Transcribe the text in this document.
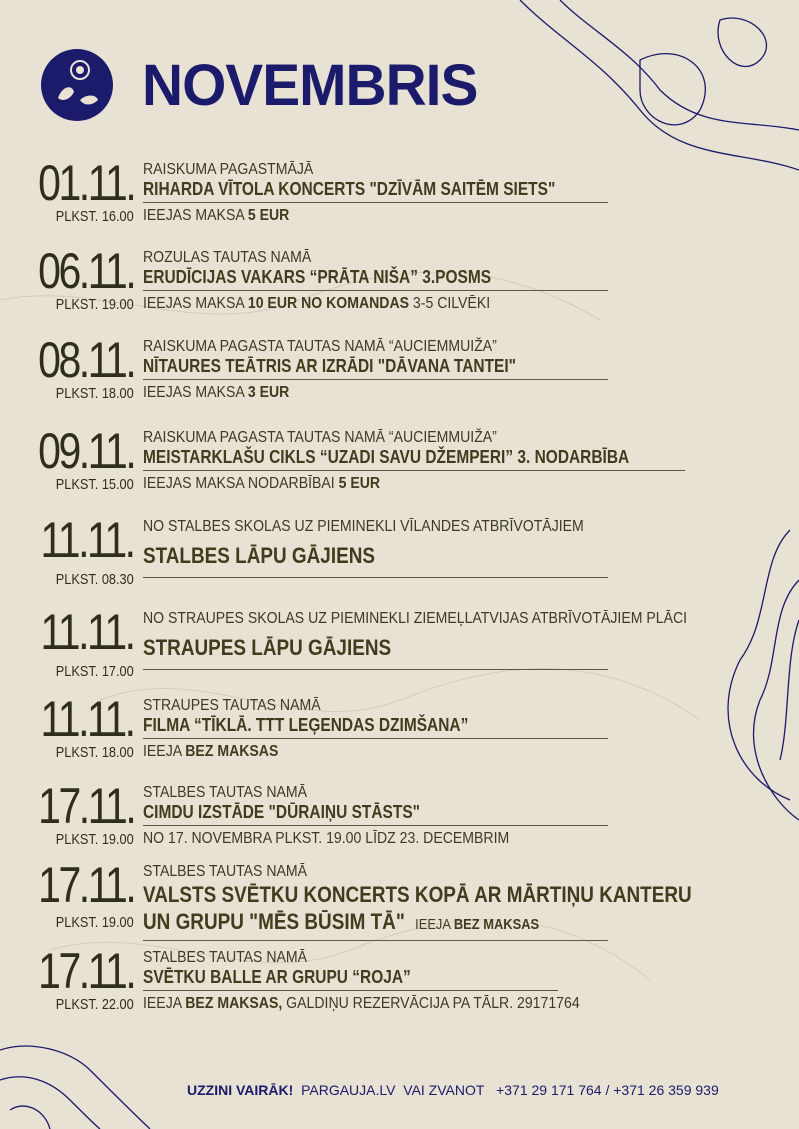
NOVEMBRIS
01.11.
PLKST. 16.00
RAISKUMA PAGASTMĀJĀ
RIHARDA VĪTOLA KONCERTS "DZĪVĀM SAITĒM SIETS"
IEEJAS MAKSA 5 EUR
06.11.
PLKST. 19.00
ROZULAS TAUTAS NAMĀ
ERUDĪCIJAS VAKARS “PRĀTA NIŠA” 3.POSMS
IEEJAS MAKSA 10 EUR NO KOMANDAS 3-5 CILVĒKI
08.11.
PLKST. 18.00
RAISKUMA PAGASTA TAUTAS NAMĀ “AUCIEMMUIŽA”
NĪTAURES TEĀTRIS AR IZRĀDI "DĀVANA TANTEI"
IEEJAS MAKSA 3 EUR
09.11.
PLKST. 15.00
RAISKUMA PAGASTA TAUTAS NAMĀ “AUCIEMMUIŽA”
MEISTARKLAŠU CIKLS “UZADI SAVU DŽEMPERI” 3. NODARBĪBA
IEEJAS MAKSA NODARBĪBAI 5 EUR
11.11.
PLKST. 08.30
NO STALBES SKOLAS UZ PIEMINEKLI VĪLANDES ATBRĪVOTĀJIEM
STALBES LĀPU GĀJIENS
11.11.
PLKST. 17.00
NO STRAUPES SKOLAS UZ PIEMINEKLI ZIEMEĻLATVIJAS ATBRĪVOTĀJIEM PLĀCI
STRAUPES LĀPU GĀJIENS
11.11.
PLKST. 18.00
STRAUPES TAUTAS NAMĀ
FILMA “TĪKLĀ. TTT LEĢENDAS DZIMŠANA”
IEEJA BEZ MAKSAS
17.11.
PLKST. 19.00
STALBES TAUTAS NAMĀ
CIMDU IZSTĀDE "DŪRAIŅU STĀSTS"
NO 17. NOVEMBRA PLKST. 19.00 LĪDZ 23. DECEMBRIM
17.11.
PLKST. 19.00
STALBES TAUTAS NAMĀ
VALSTS SVĒTKU KONCERTS KOPĀ AR MĀRTIŅU KANTERU
UN GRUPU "MĒS BŪSIM TĀ" IEEJA BEZ MAKSAS
17.11.
PLKST. 22.00
STALBES TAUTAS NAMĀ
SVĒTKU BALLE AR GRUPU “ROJA”
IEEJA BEZ MAKSAS, GALDIŅU REZERVĀCIJA PA TĀLR. 29171764
UZZINI VAIRĀK! PARGAUJA.LV VAI ZVANOT +371 29 171 764 / +371 26 359 939
